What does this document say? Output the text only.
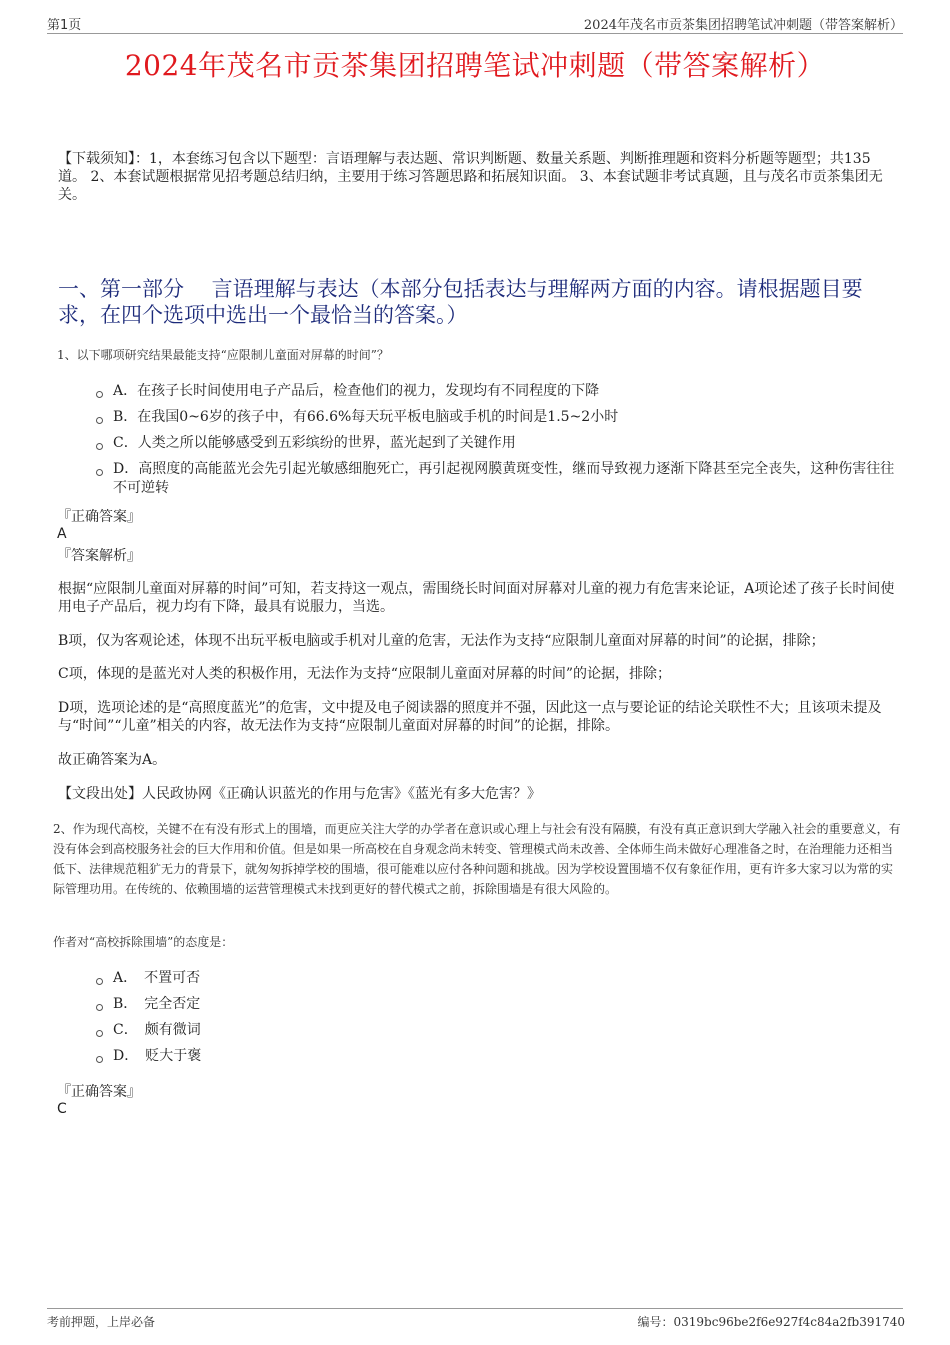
第1页	2024年茂名市贡茶集团招聘笔试冲刺题（带答案解析）
2024年茂名市贡茶集团招聘笔试冲刺题（带答案解析）
【下载须知】：1，本套练习包含以下题型：言语理解与表达题、常识判断题、数量关系题、判断推理题和资料分析题等题型；共135道。 2、本套试题根据常见招考题总结归纳，主要用于练习答题思路和拓展知识面。 3、本套试题非考试真题，且与茂名市贡茶集团无关。
一、第一部分　 言语理解与表达（本部分包括表达与理解两方面的内容。请根据题目要求，在四个选项中选出一个最恰当的答案。）
1、以下哪项研究结果最能支持“应限制儿童面对屏幕的时间”？
A．在孩子长时间使用电子产品后，检查他们的视力，发现均有不同程度的下降
B．在我国0~6岁的孩子中，有66.6%每天玩平板电脑或手机的时间是1.5~2小时
C．人类之所以能够感受到五彩缤纷的世界，蓝光起到了关键作用
D．高照度的高能蓝光会先引起光敏感细胞死亡，再引起视网膜黄斑变性，继而导致视力逐渐下降甚至完全丧失，这种伤害往往不可逆转
『正确答案』
A
『答案解析』
根据“应限制儿童面对屏幕的时间”可知，若支持这一观点，需围绕长时间面对屏幕对儿童的视力有危害来论证，A项论述了孩子长时间使用电子产品后，视力均有下降，最具有说服力，当选。
B项，仅为客观论述，体现不出玩平板电脑或手机对儿童的危害，无法作为支持“应限制儿童面对屏幕的时间”的论据，排除；
C项，体现的是蓝光对人类的积极作用，无法作为支持“应限制儿童面对屏幕的时间”的论据，排除；
D项，选项论述的是“高照度蓝光”的危害，文中提及电子阅读器的照度并不强，因此这一点与要论证的结论关联性不大；且该项未提及与“时间”“儿童”相关的内容，故无法作为支持“应限制儿童面对屏幕的时间”的论据，排除。
故正确答案为A。
【文段出处】人民政协网《正确认识蓝光的作用与危害》《蓝光有多大危害？》
2、作为现代高校，关键不在有没有形式上的围墙，而更应关注大学的办学者在意识或心理上与社会有没有隔膜，有没有真正意识到大学融入社会的重要意义，有没有体会到高校服务社会的巨大作用和价值。但是如果一所高校在自身观念尚未转变、管理模式尚未改善、全体师生尚未做好心理准备之时，在治理能力还相当低下、法律规范粗犷无力的背景下，就匆匆拆掉学校的围墙，很可能难以应付各种问题和挑战。因为学校设置围墙不仅有象征作用，更有许多大家习以为常的实际管理功用。在传统的、依赖围墙的运营管理模式未找到更好的替代模式之前，拆除围墙是有很大风险的。
作者对“高校拆除围墙”的态度是：
A．　不置可否
B．　完全否定
C．　颇有微词
D．　贬大于褒
『正确答案』
C
考前押题，上岸必备	编号：0319bc96be2f6e927f4c84a2fb391740
